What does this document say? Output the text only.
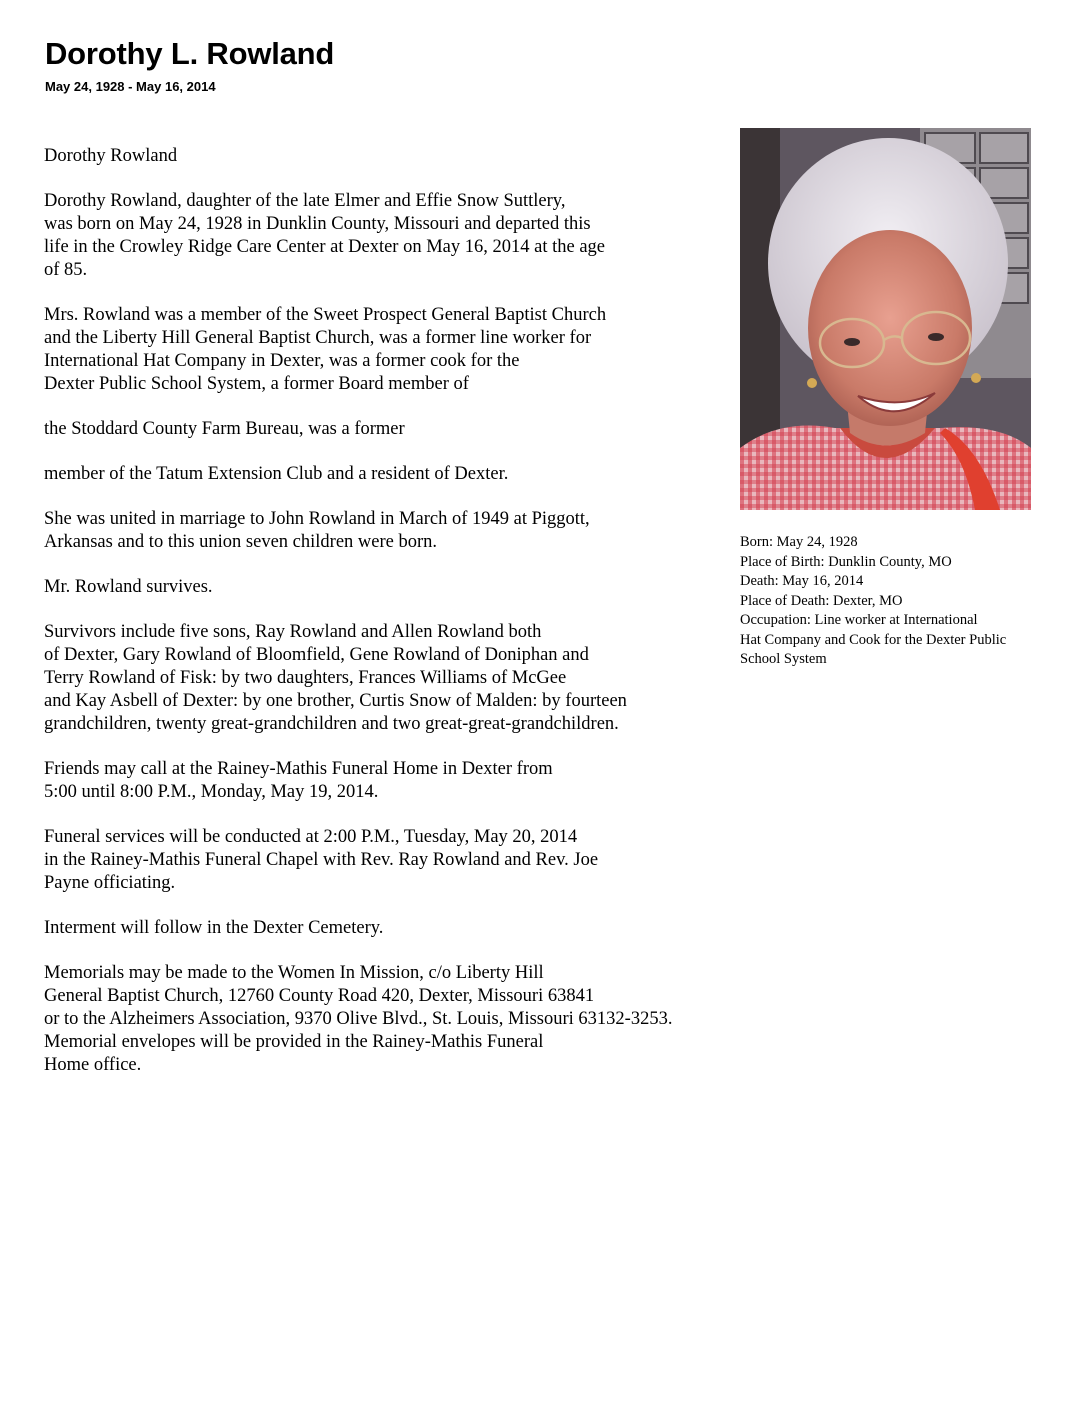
Dorothy L. Rowland
May 24, 1928 - May 16, 2014
Dorothy Rowland
Dorothy Rowland, daughter of the late Elmer and Effie Snow Suttlery,
was born on May 24, 1928 in Dunklin County, Missouri and departed this
life in the Crowley Ridge Care Center at Dexter on May 16, 2014 at the age
of 85.
Mrs. Rowland was a member of the Sweet Prospect General Baptist Church
and the Liberty Hill General Baptist Church, was a former line worker for
International Hat Company in Dexter, was a former cook for the
Dexter Public School System, a former Board member of
the Stoddard County Farm Bureau, was a former
member of the Tatum Extension Club and a resident of Dexter.
She was united in marriage to John Rowland in March of 1949 at Piggott,
Arkansas and to this union seven children were born.
Mr. Rowland survives.
Survivors include five sons, Ray Rowland and Allen Rowland both
of Dexter, Gary Rowland of Bloomfield, Gene Rowland of Doniphan and
Terry Rowland of Fisk: by two daughters, Frances Williams of McGee
and Kay Asbell of Dexter: by one brother, Curtis Snow of Malden: by fourteen
grandchildren, twenty great-grandchildren and two great-great-grandchildren.
Friends may call at the Rainey-Mathis Funeral Home in Dexter from
5:00 until 8:00 P.M., Monday, May 19, 2014.
Funeral services will be conducted at 2:00 P.M., Tuesday, May 20, 2014
in the Rainey-Mathis Funeral Chapel with Rev. Ray Rowland and Rev. Joe
Payne officiating.
Interment will follow in the Dexter Cemetery.
Memorials may be made to the Women In Mission, c/o Liberty Hill
General Baptist Church, 12760 County Road 420, Dexter, Missouri 63841
or to the Alzheimers Association, 9370 Olive Blvd., St. Louis, Missouri 63132-3253.
Memorial envelopes will be provided in the Rainey-Mathis Funeral
Home office.
Born: May 24, 1928
Place of Birth: Dunklin County, MO
Death: May 16, 2014
Place of Death: Dexter, MO
Occupation: Line worker at International
Hat Company and Cook for the Dexter Public
School System
